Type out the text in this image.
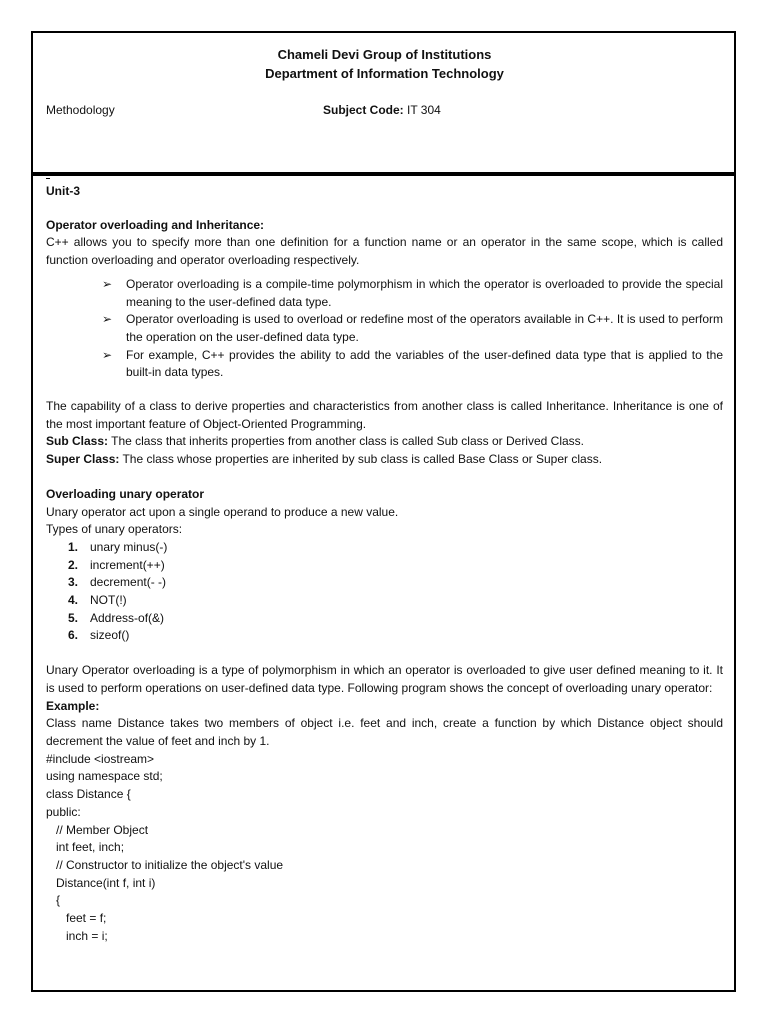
Chameli Devi Group of Institutions
Department of Information Technology
Methodology	Subject Code: IT 304

Unit-3

Operator overloading and Inheritance:

C++ allows you to specify more than one definition for a function name or an operator in the same scope, which is called function overloading and operator overloading respectively.

➢ Operator overloading is a compile-time polymorphism in which the operator is overloaded to provide the special meaning to the user-defined data type.
➢ Operator overloading is used to overload or redefine most of the operators available in C++. It is used to perform the operation on the user-defined data type.
➢ For example, C++ provides the ability to add the variables of the user-defined data type that is applied to the built-in data types.

The capability of a class to derive properties and characteristics from another class is called Inheritance. Inheritance is one of the most important feature of Object-Oriented Programming.

Sub Class: The class that inherits properties from another class is called Sub class or Derived Class.

Super Class: The class whose properties are inherited by sub class is called Base Class or Super class.

Overloading unary operator

Unary operator act upon a single operand to produce a new value.

Types of unary operators:

1. unary minus(-)
2. increment(++)
3. decrement(- -)
4. NOT(!)
5. Address-of(&)
6. sizeof()

Unary Operator overloading is a type of polymorphism in which an operator is overloaded to give user defined meaning to it. It is used to perform operations on user-defined data type. Following program shows the concept of overloading unary operator:

Example:

Class name Distance takes two members of object i.e. feet and inch, create a function by which Distance object should decrement the value of feet and inch by 1.

#include <iostream>

using namespace std;

class Distance {

public:

// Member Object

int feet, inch;

// Constructor to initialize the object's value

Distance(int f, int i)

{

feet = f;

inch = i;
